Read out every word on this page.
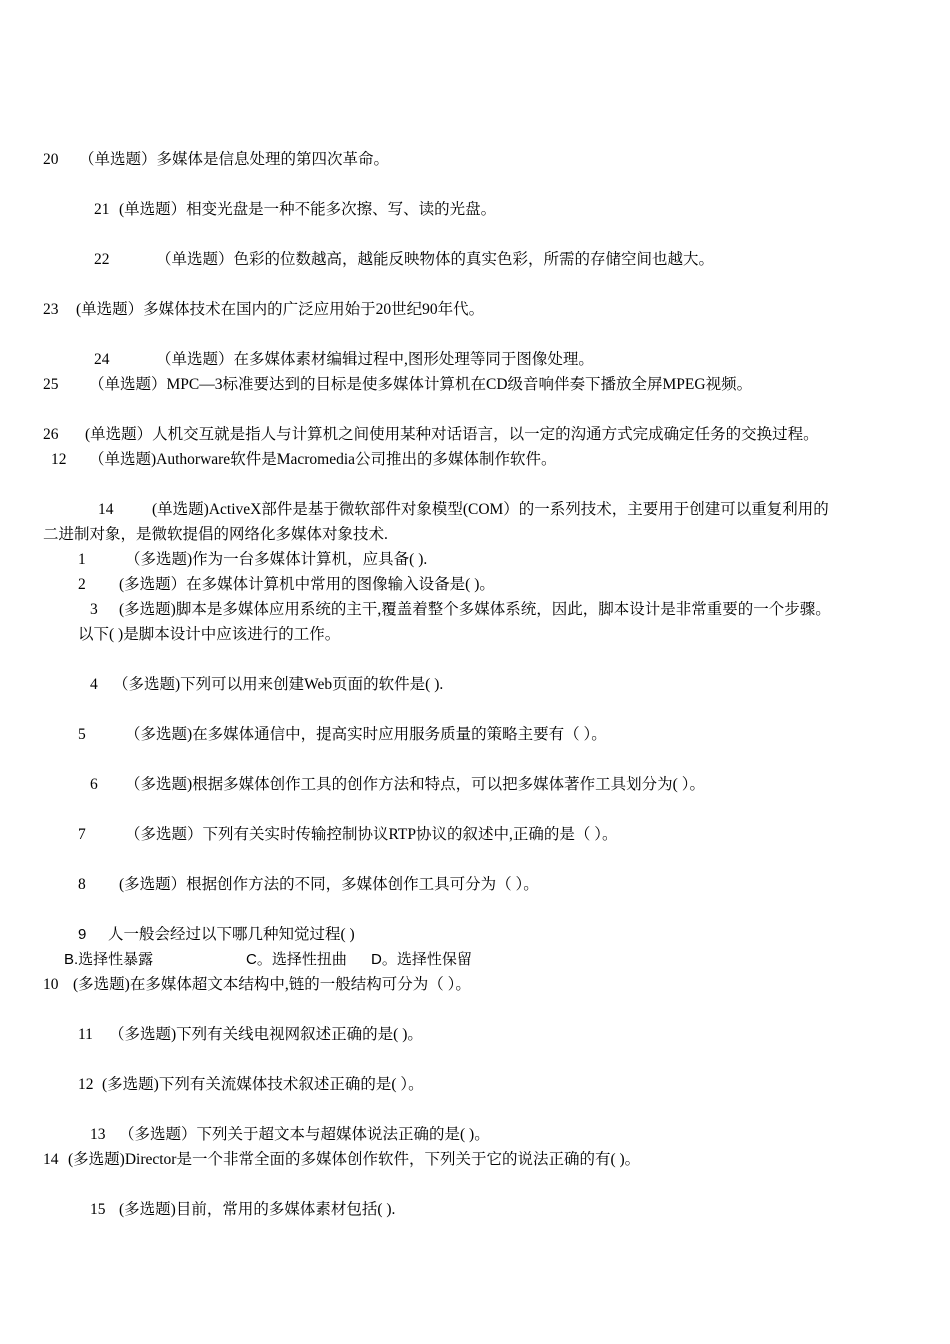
20 （单选题）多媒体是信息处理的第四次革命。
21 (单选题）相变光盘是一种不能多次擦、写、读的光盘。
22	（单选题）色彩的位数越高，越能反映物体的真实色彩，所需的存储空间也越大。
23 (单选题）多媒体技术在国内的广泛应用始于20世纪90年代。
24	（单选题）在多媒体素材编辑过程中,图形处理等同于图像处理。
25 （单选题）MPC—3标准要达到的目标是使多媒体计算机在CD级音响伴奏下播放全屏MPEG视频。
26 (单选题）人机交互就是指人与计算机之间使用某种对话语言，以一定的沟通方式完成确定任务的交换过程。
12 （单选题)Authorware软件是Macromedia公司推出的多媒体制作软件。
14 (单选题)ActiveX部件是基于微软部件对象模型(COM）的一系列技术，主要用于创建可以重复利用的
二进制对象，是微软提倡的网络化多媒体对象技术.
1	（多选题)作为一台多媒体计算机，应具备( ).
2 (多选题）在多媒体计算机中常用的图像输入设备是( )。
3 (多选题)脚本是多媒体应用系统的主干,覆盖着整个多媒体系统，因此，脚本设计是非常重要的一个步骤。
以下( )是脚本设计中应该进行的工作。
4 （多选题)下列可以用来创建Web页面的软件是( ).
5	（多选题)在多媒体通信中，提高实时应用服务质量的策略主要有（ ）。
6 （多选题)根据多媒体创作工具的创作方法和特点，可以把多媒体著作工具划分为( ）。
7	（多选题）下列有关实时传输控制协议RTP协议的叙述中,正确的是（ ）。
8 (多选题）根据创作方法的不同，多媒体创作工具可分为（ ）。
9 人一般会经过以下哪几种知觉过程( )
B.选择性暴露	C。选择性扭曲 D。选择性保留
10 (多选题)在多媒体超文本结构中,链的一般结构可分为（ ）。
11 （多选题)下列有关线电视网叙述正确的是( )。
12 (多选题)下列有关流媒体技术叙述正确的是( ）。
13 （多选题）下列关于超文本与超媒体说法正确的是( )。
14 (多选题)Director是一个非常全面的多媒体创作软件，下列关于它的说法正确的有( )。
15 (多选题)目前，常用的多媒体素材包括( ).
